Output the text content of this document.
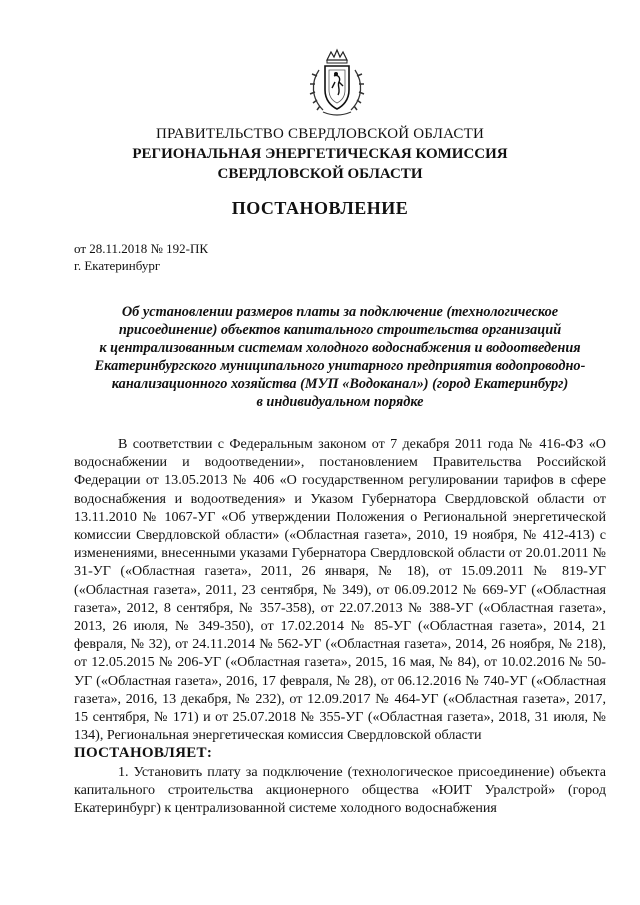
ПРАВИТЕЛЬСТВО СВЕРДЛОВСКОЙ ОБЛАСТИ
РЕГИОНАЛЬНАЯ ЭНЕРГЕТИЧЕСКАЯ КОМИССИЯ
СВЕРДЛОВСКОЙ ОБЛАСТИ
ПОСТАНОВЛЕНИЕ
от 28.11.2018 № 192-ПК
г. Екатеринбург
Об установлении размеров платы за подключение (технологическое
присоединение) объектов капитального строительства организаций
к централизованным системам холодного водоснабжения и водоотведения
Екатеринбургского муниципального унитарного предприятия водопроводно-
канализационного хозяйства (МУП «Водоканал») (город Екатеринбург)
в индивидуальном порядке

В соответствии с Федеральным законом от 7 декабря 2011 года № 416-ФЗ «О водоснабжении и водоотведении», постановлением Правительства Российской Федерации от 13.05.2013 № 406 «О государственном регулировании тарифов в сфере водоснабжения и водоотведения» и Указом Губернатора Свердловской области от 13.11.2010 № 1067-УГ «Об утверждении Положения о Региональной энергетической комиссии Свердловской области» («Областная газета», 2010, 19 ноября, № 412-413) с изменениями, внесенными указами Губернатора Свердловской области от 20.01.2011 № 31-УГ («Областная газета», 2011, 26 января, № 18), от 15.09.2011 № 819-УГ («Областная газета», 2011, 23 сентября, № 349), от 06.09.2012 № 669-УГ («Областная газета», 2012, 8 сентября, № 357-358), от 22.07.2013 № 388-УГ («Областная газета», 2013, 26 июля, № 349-350), от 17.02.2014 № 85-УГ («Областная газета», 2014, 21 февраля, № 32), от 24.11.2014 № 562-УГ («Областная газета», 2014, 26 ноября, № 218), от 12.05.2015 № 206-УГ («Областная газета», 2015, 16 мая, № 84), от 10.02.2016 № 50-УГ («Областная газета», 2016, 17 февраля, № 28), от 06.12.2016 № 740-УГ («Областная газета», 2016, 13 декабря, № 232), от 12.09.2017 № 464-УГ («Областная газета», 2017, 15 сентября, № 171) и от 25.07.2018 № 355-УГ («Областная газета», 2018, 31 июля, № 134), Региональная энергетическая комиссия Свердловской области

ПОСТАНОВЛЯЕТ:

1. Установить плату за подключение (технологическое присоединение) объекта капитального строительства акционерного общества «ЮИТ Уралстрой» (город Екатеринбург) к централизованной системе холодного водоснабжения
